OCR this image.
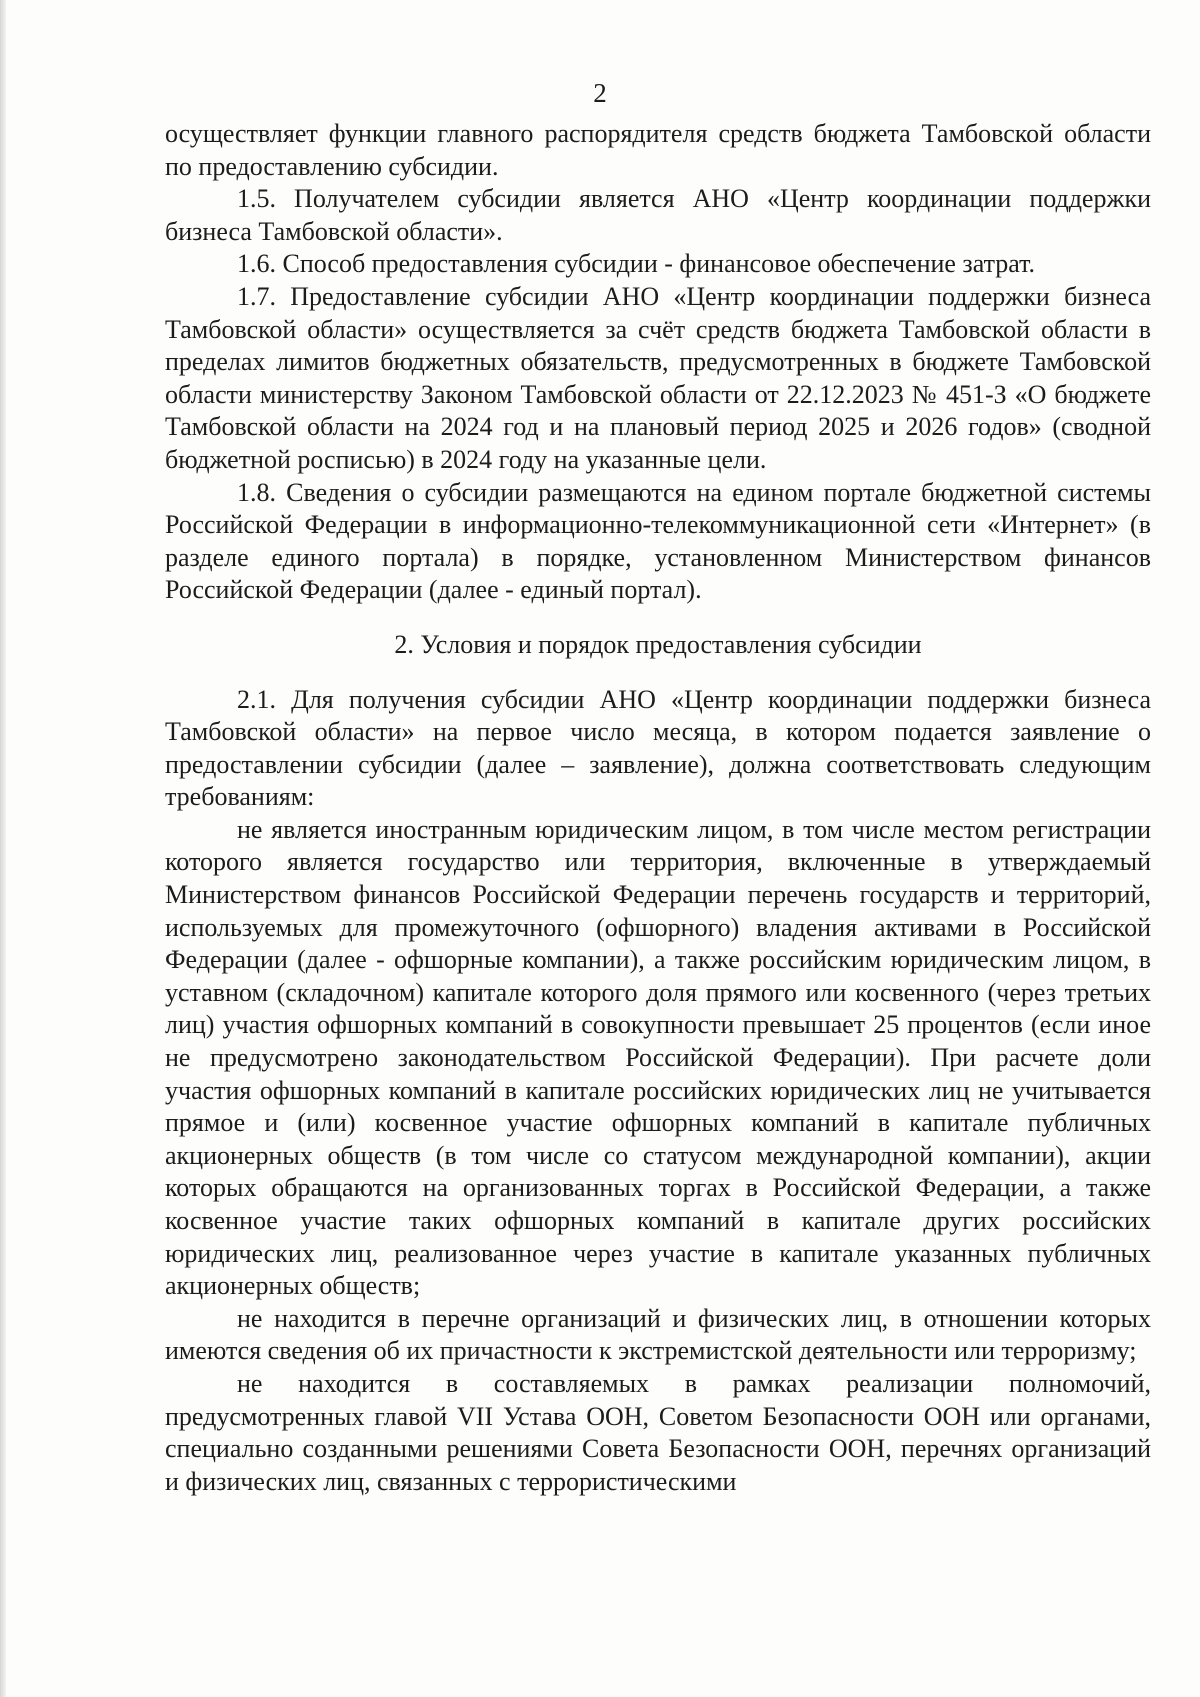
2

осуществляет функции главного распорядителя средств бюджета Тамбовской области по предоставлению субсидии.

1.5. Получателем субсидии является АНО «Центр координации поддержки бизнеса Тамбовской области».

1.6. Способ предоставления субсидии - финансовое обеспечение затрат.

1.7. Предоставление субсидии АНО «Центр координации поддержки бизнеса Тамбовской области» осуществляется за счёт средств бюджета Тамбовской области в пределах лимитов бюджетных обязательств, предусмотренных в бюджете Тамбовской области министерству Законом Тамбовской области от 22.12.2023 № 451-З «О бюджете Тамбовской области на 2024 год и на плановый период 2025 и 2026 годов» (сводной бюджетной росписью) в 2024 году на указанные цели.

1.8. Сведения о субсидии размещаются на едином портале бюджетной системы Российской Федерации в информационно-телекоммуникационной сети «Интернет» (в разделе единого портала) в порядке, установленном Министерством финансов Российской Федерации (далее - единый портал).

2. Условия и порядок предоставления субсидии

2.1. Для получения субсидии АНО «Центр координации поддержки бизнеса Тамбовской области» на первое число месяца, в котором подается заявление о предоставлении субсидии (далее – заявление), должна соответствовать следующим требованиям:

не является иностранным юридическим лицом, в том числе местом регистрации которого является государство или территория, включенные в утверждаемый Министерством финансов Российской Федерации перечень государств и территорий, используемых для промежуточного (офшорного) владения активами в Российской Федерации (далее - офшорные компании), а также российским юридическим лицом, в уставном (складочном) капитале которого доля прямого или косвенного (через третьих лиц) участия офшорных компаний в совокупности превышает 25 процентов (если иное не предусмотрено законодательством Российской Федерации). При расчете доли участия офшорных компаний в капитале российских юридических лиц не учитывается прямое и (или) косвенное участие офшорных компаний в капитале публичных акционерных обществ (в том числе со статусом международной компании), акции которых обращаются на организованных торгах в Российской Федерации, а также косвенное участие таких офшорных компаний в капитале других российских юридических лиц, реализованное через участие в капитале указанных публичных акционерных обществ;

не находится в перечне организаций и физических лиц, в отношении которых имеются сведения об их причастности к экстремистской деятельности или терроризму;

не находится в составляемых в рамках реализации полномочий, предусмотренных главой VII Устава ООН, Советом Безопасности ООН или органами, специально созданными решениями Совета Безопасности ООН, перечнях организаций и физических лиц, связанных с террористическими
